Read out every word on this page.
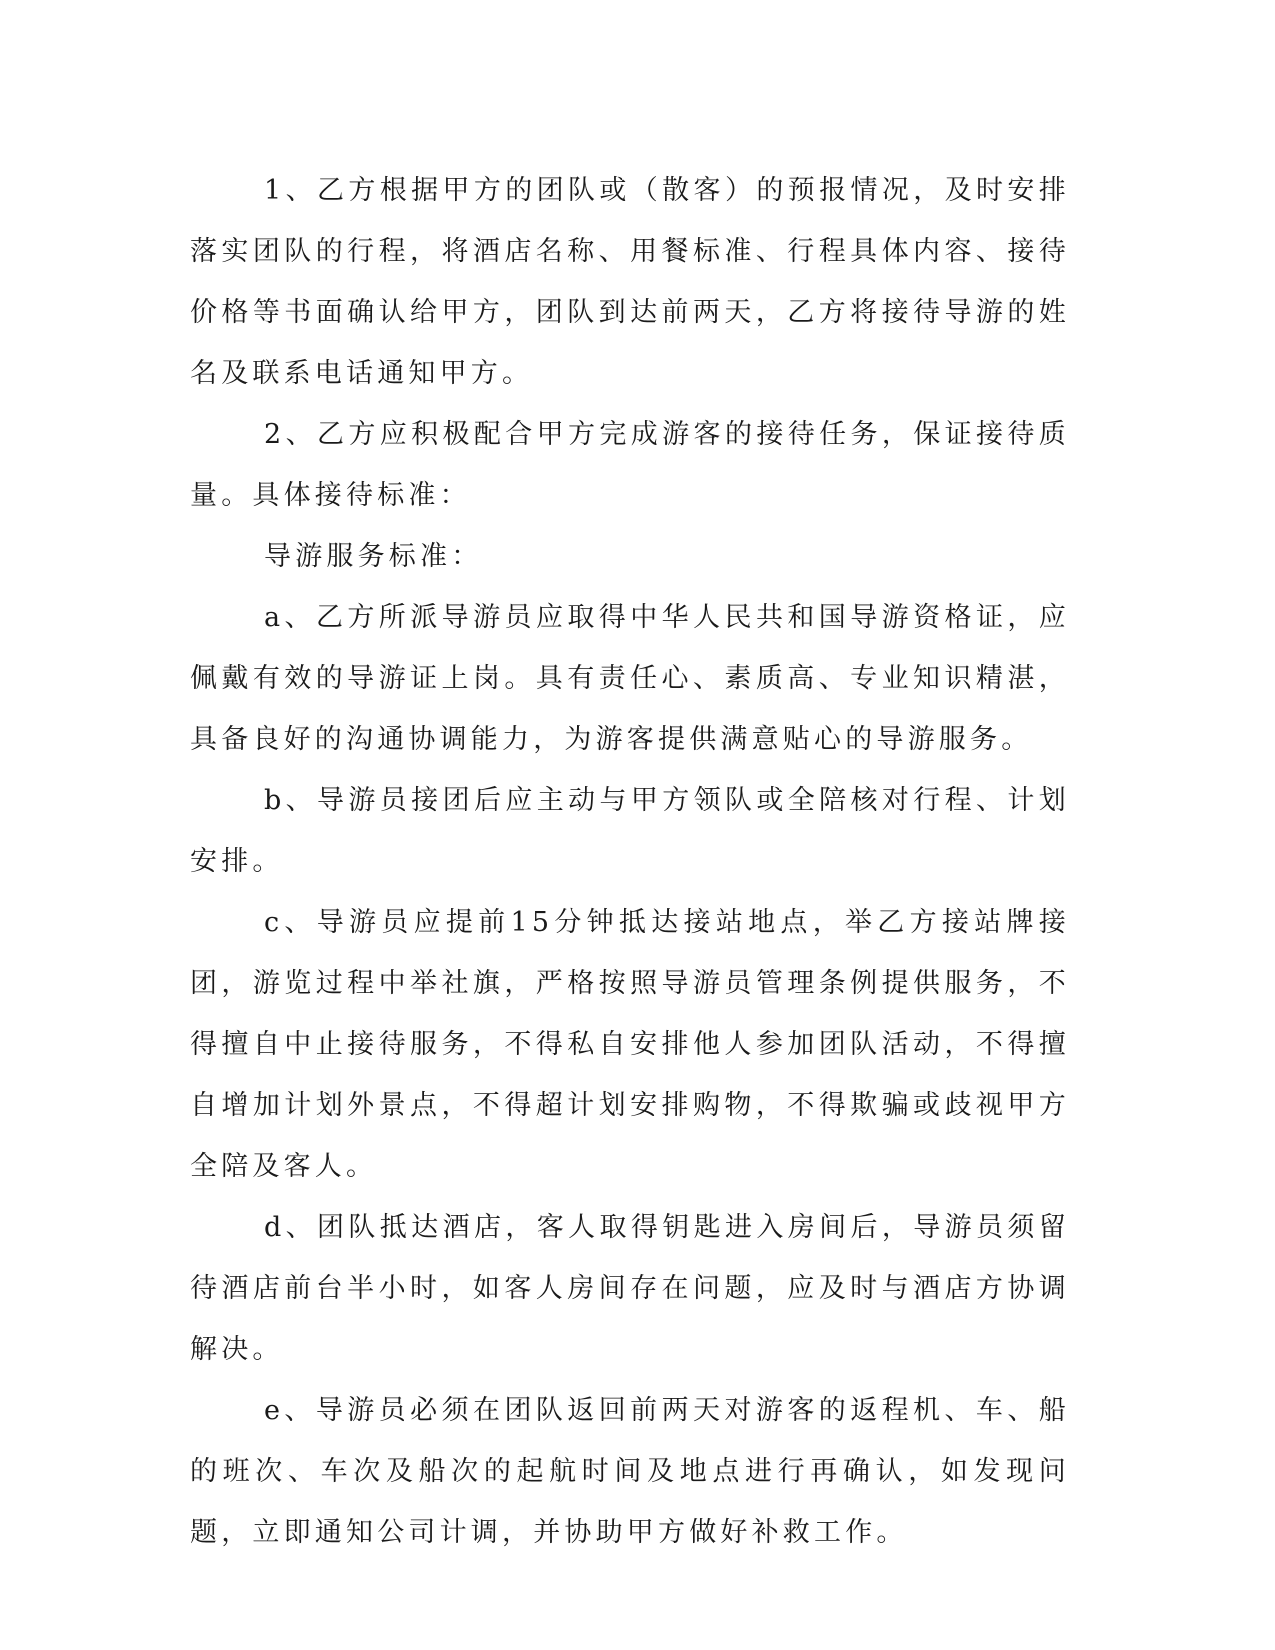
1、乙方根据甲方的团队或（散客）的预报情况，及时安排落实团队的行程，将酒店名称、用餐标准、行程具体内容、接待价格等书面确认给甲方，团队到达前两天，乙方将接待导游的姓名及联系电话通知甲方。

2、乙方应积极配合甲方完成游客的接待任务，保证接待质量。具体接待标准：

导游服务标准：

a、乙方所派导游员应取得中华人民共和国导游资格证，应佩戴有效的导游证上岗。具有责任心、素质高、专业知识精湛，具备良好的沟通协调能力，为游客提供满意贴心的导游服务。

b、导游员接团后应主动与甲方领队或全陪核对行程、计划安排。

c、导游员应提前15分钟抵达接站地点，举乙方接站牌接团，游览过程中举社旗，严格按照导游员管理条例提供服务，不得擅自中止接待服务，不得私自安排他人参加团队活动，不得擅自增加计划外景点，不得超计划安排购物，不得欺骗或歧视甲方全陪及客人。

d、团队抵达酒店，客人取得钥匙进入房间后，导游员须留待酒店前台半小时，如客人房间存在问题，应及时与酒店方协调解决。

e、导游员必须在团队返回前两天对游客的返程机、车、船的班次、车次及船次的起航时间及地点进行再确认，如发现问题，立即通知公司计调，并协助甲方做好补救工作。
